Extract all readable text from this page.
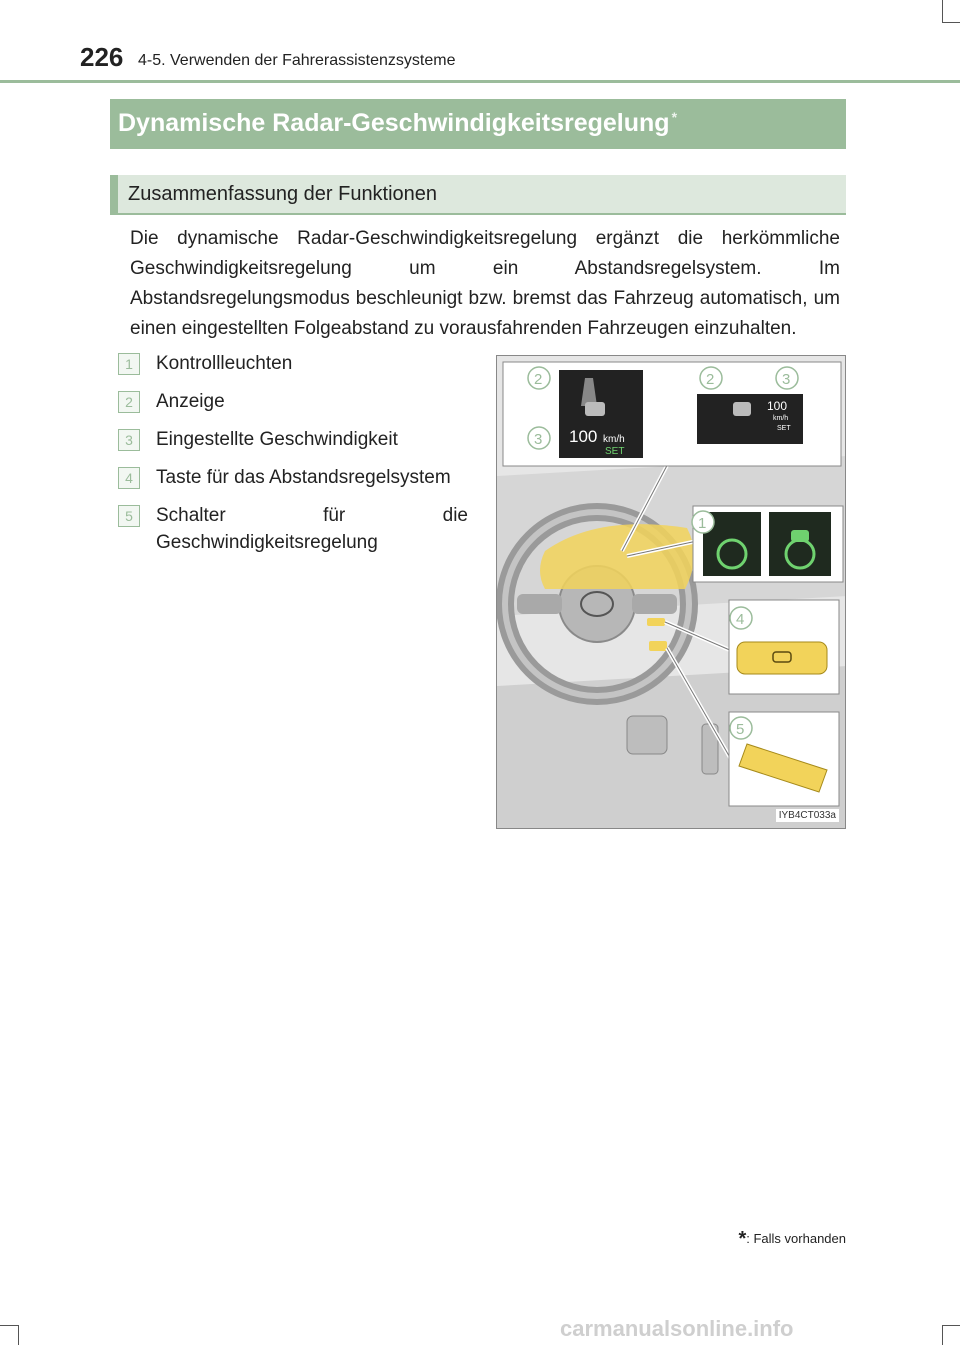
226 4-5. Verwenden der Fahrerassistenzsysteme
Dynamische Radar-Geschwindigkeitsregelung *
Zusammenfassung der Funktionen

Die dynamische Radar-Geschwindigkeitsregelung ergänzt die herkömmliche Geschwindigkeitsregelung um ein Abstandsregelsystem. Im Abstandsregelungsmodus beschleunigt bzw. bremst das Fahrzeug automatisch, um einen eingestellten Folgeabstand zu vorausfahrenden Fahrzeugen einzuhalten.

1	Kontrollleuchten
2	Anzeige
3	Eingestellte Geschwindigkeit
4	Taste für das Abstandsregelsystem
5	Schalter für die Geschwindigkeitsregelung
100 km/h
SET
100
km/h
SET
2	2	3
3
1
4
5
IYB4CT033a
*: Falls vorhanden
carmanualsonline.info
